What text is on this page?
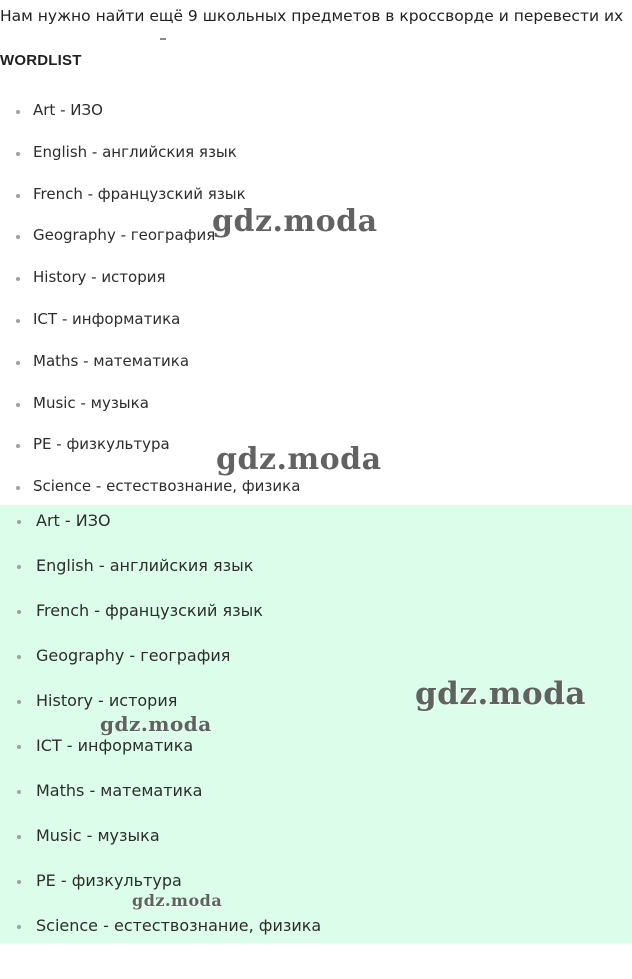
Нам нужно найти ещё 9 школьных предметов в кроссворде и перевести их
WORDLIST
Art - ИЗО
English - английския язык
French - французский язык
Geography - география
History - история
ICT - информатика
Maths - математика
Music - музыка
PE - физкультура
Science - естествознание, физика
Art - ИЗО
English - английския язык
French - французский язык
Geography - география
History - история
ICT - информатика
Maths - математика
Music - музыка
PE - физкультура
Science - естествознание, физика
gdz.moda
gdz.moda
gdz.moda
gdz.moda
gdz.moda
